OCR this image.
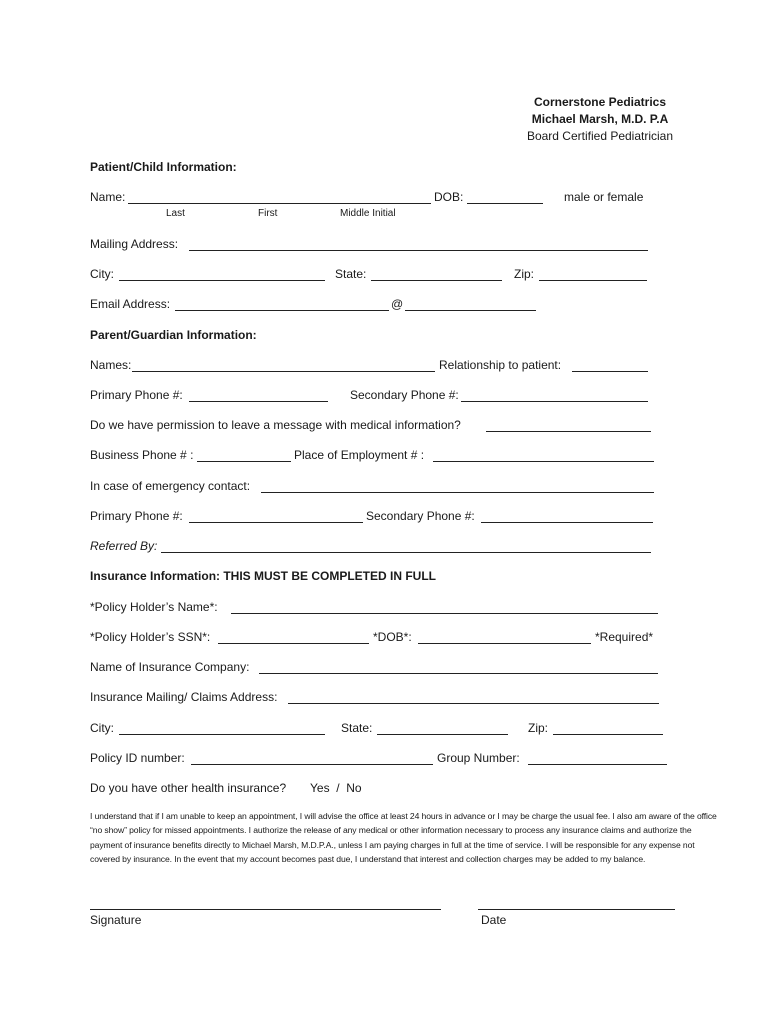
Cornerstone Pediatrics
Michael Marsh, M.D. P.A
Board Certified Pediatrician
Patient/Child Information:
Name:	DOB:	male or female
Last	First	Middle Initial
Mailing Address:
City:	State:	Zip:
Email Address:	@
Parent/Guardian Information:
Names:	Relationship to patient:
Primary Phone #:	Secondary Phone #:
Do we have permission to leave a message with medical information?
Business Phone # :	Place of Employment # :
In case of emergency contact:
Primary Phone #:	Secondary Phone #:
Referred By:
Insurance Information: THIS MUST BE COMPLETED IN FULL
*Policy Holder’s Name*:
*Policy Holder’s SSN*:	*DOB*:	*Required*
Name of Insurance Company:
Insurance Mailing/ Claims Address:
City:	State:	Zip:
Policy ID number:	Group Number:
Do you have other health insurance? Yes  /  No
I understand that if I am unable to keep an appointment, I will advise the office at least 24 hours in advance or I may be charge the usual fee. I also am aware of the office “no show” policy for missed appointments. I authorize the release of any medical or other information necessary to process any insurance claims and authorize the payment of insurance benefits directly to Michael Marsh, M.D.P.A., unless I am paying charges in full at the time of service. I will be responsible for any expense not covered by insurance. In the event that my account becomes past due, I understand that interest and collection charges may be added to my balance.
Signature	Date
